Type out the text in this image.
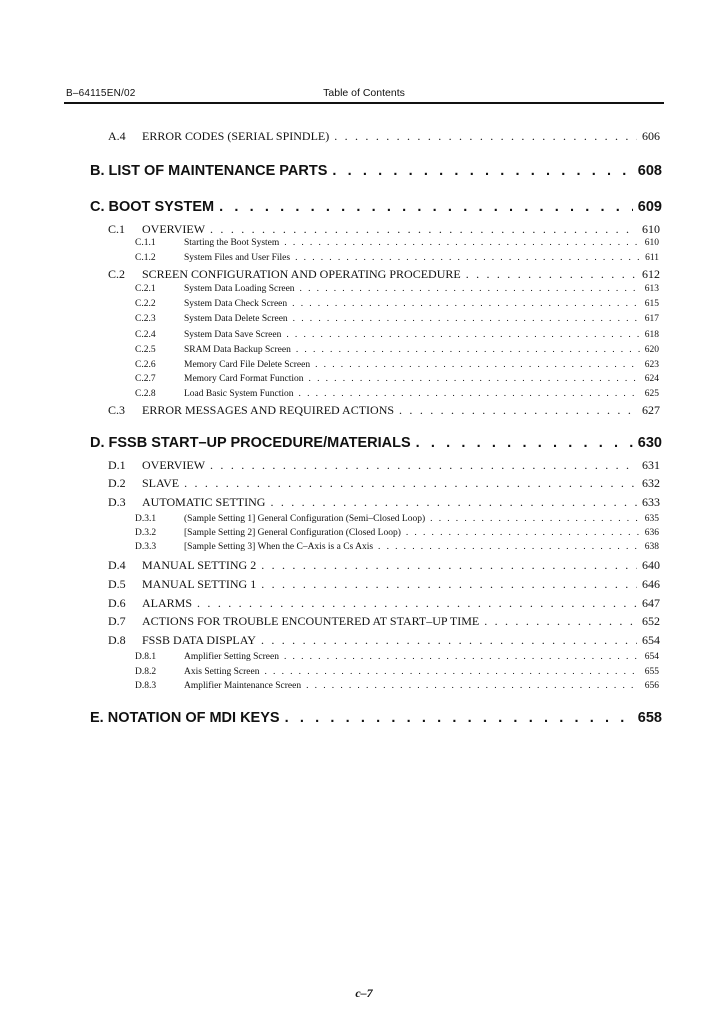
B–64115EN/02	Table of Contents
A.4	ERROR CODES (SERIAL SPINDLE) . . .	606
B. LIST OF MAINTENANCE PARTS . . .	608
C. BOOT SYSTEM . . .	609
C.1	OVERVIEW . . .	610
C.1.1	Starting the Boot System . . .	610
C.1.2	System Files and User Files . . .	611
C.2	SCREEN CONFIGURATION AND OPERATING PROCEDURE . . .	612
C.2.1	System Data Loading Screen . . .	613
C.2.2	System Data Check Screen . . .	615
C.2.3	System Data Delete Screen . . .	617
C.2.4	System Data Save Screen . . .	618
C.2.5	SRAM Data Backup Screen . . .	620
C.2.6	Memory Card File Delete Screen . . .	623
C.2.7	Memory Card Format Function . . .	624
C.2.8	Load Basic System Function . . .	625
C.3	ERROR MESSAGES AND REQUIRED ACTIONS . . .	627
D. FSSB START–UP PROCEDURE/MATERIALS . . .	630
D.1	OVERVIEW . . .	631
D.2	SLAVE . . .	632
D.3	AUTOMATIC SETTING . . .	633
D.3.1	(Sample Setting 1] General Configuration (Semi–Closed Loop) . . .	635
D.3.2	[Sample Setting 2] General Configuration (Closed Loop) . . .	636
D.3.3	[Sample Setting 3] When the C–Axis is a Cs Axis . . .	638
D.4	MANUAL SETTING 2 . . .	640
D.5	MANUAL SETTING 1 . . .	646
D.6	ALARMS . . .	647
D.7	ACTIONS FOR TROUBLE ENCOUNTERED AT START–UP TIME . . .	652
D.8	FSSB DATA DISPLAY . . .	654
D.8.1	Amplifier Setting Screen . . .	654
D.8.2	Axis Setting Screen . . .	655
D.8.3	Amplifier Maintenance Screen . . .	656
E. NOTATION OF MDI KEYS . . .	658
c–7
